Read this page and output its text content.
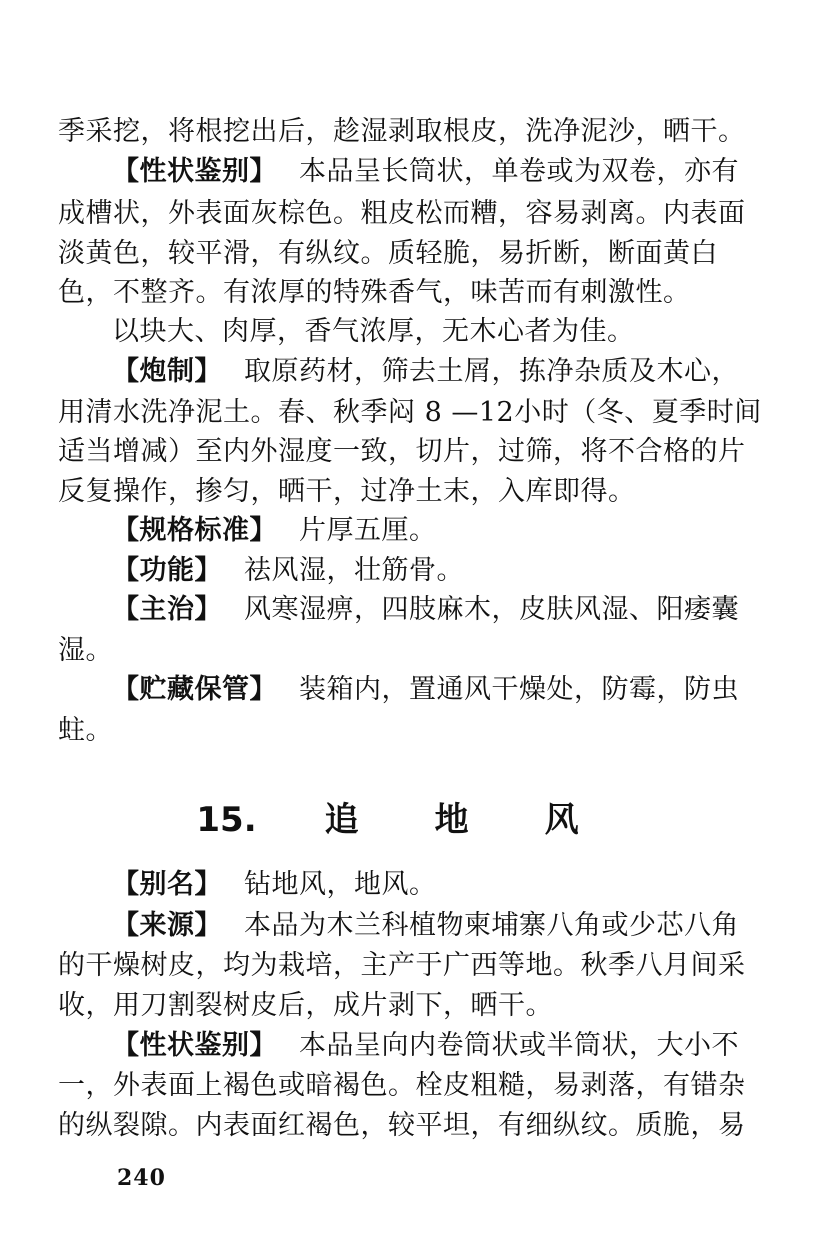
季采挖，将根挖出后，趁湿剥取根皮，洗净泥沙，晒干。
【性状鉴别】 本品呈长筒状，单卷或为双卷，亦有
成槽状，外表面灰棕色。粗皮松而糟，容易剥离。内表面
淡黄色，较平滑，有纵纹。质轻脆，易折断，断面黄白
色，不整齐。有浓厚的特殊香气，味苦而有刺激性。
以块大、肉厚，香气浓厚，无木心者为佳。
【炮制】 取原药材，筛去土屑，拣净杂质及木心，
用清水洗净泥土。春、秋季闷 8 —12小时（冬、夏季时间
适当增减）至内外湿度一致，切片，过筛，将不合格的片
反复操作，掺匀，晒干，过净土末，入库即得。
【规格标准】 片厚五厘。
【功能】 祛风湿，壮筋骨。
【主治】 风寒湿痹，四肢麻木，皮肤风湿、阳痿囊
湿。
【贮藏保管】 装箱内，置通风干燥处，防霉，防虫
蛀。
15. 追 地 风
【别名】 钻地风，地风。
【来源】 本品为木兰科植物柬埔寨八角或少芯八角
的干燥树皮，均为栽培，主产于广西等地。秋季八月间采
收，用刀割裂树皮后，成片剥下，晒干。
【性状鉴别】 本品呈向内卷筒状或半筒状，大小不
一，外表面上褐色或暗褐色。栓皮粗糙，易剥落，有错杂
的纵裂隙。内表面红褐色，较平坦，有细纵纹。质脆，易
240
